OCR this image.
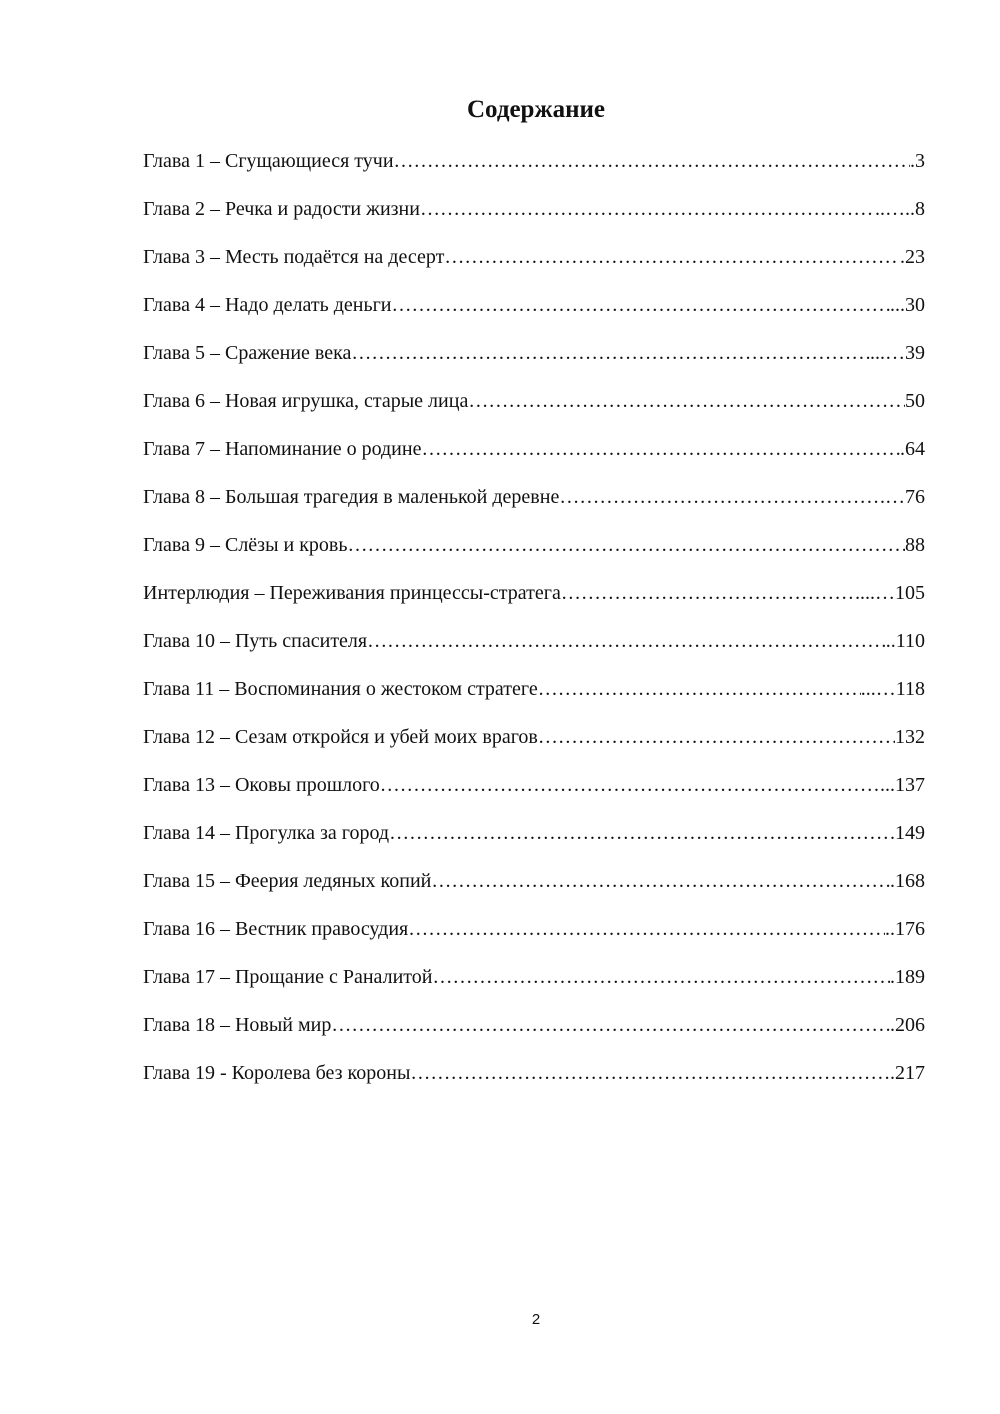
Содержание
Глава 1 – Сгущающиеся тучи …………………………………………………………………………………………………………………………………………………………………	.3
Глава 2 – Речка и радости жизни …………………………………………………………………………………………………………………………………………………………………	..…..8
Глава 3 – Месть подаётся на десерт …………………………………………………………………………………………………………………………………………………………………	.23
Глава 4 – Надо делать деньги …………………………………………………………………………………………………………………………………………………………………	...30
Глава 5 – Сражение века …………………………………………………………………………………………………………………………………………………………………	...…39
Глава 6 – Новая игрушка, старые лица …………………………………………………………………………………………………………………………………………………………………	50
Глава 7 – Напоминание о родине …………………………………………………………………………………………………………………………………………………………………	.64
Глава 8 – Большая трагедия в маленькой деревне …………………………………………………………………………………………………………………………………………………………………	.…76
Глава 9 – Слёзы и кровь …………………………………………………………………………………………………………………………………………………………………	88
Интерлюдия – Переживания принцессы-стратега …………………………………………………………………………………………………………………………………………………………………	...…105
Глава 10 – Путь спасителя …………………………………………………………………………………………………………………………………………………………………	..110
Глава 11 – Воспоминания о жестоком стратеге …………………………………………………………………………………………………………………………………………………………………	...…118
Глава 12 – Сезам откройся и убей моих врагов …………………………………………………………………………………………………………………………………………………………………	132
Глава 13 – Оковы прошлого …………………………………………………………………………………………………………………………………………………………………	...137
Глава 14 – Прогулка за город …………………………………………………………………………………………………………………………………………………………………	.149
Глава 15 – Феерия ледяных копий …………………………………………………………………………………………………………………………………………………………………	.168
Глава 16 – Вестник правосудия …………………………………………………………………………………………………………………………………………………………………	..176
Глава 17 – Прощание с Раналитой …………………………………………………………………………………………………………………………………………………………………	.189
Глава 18 – Новый мир …………………………………………………………………………………………………………………………………………………………………	.206
Глава 19 - Королева без короны …………………………………………………………………………………………………………………………………………………………………	.217
2
